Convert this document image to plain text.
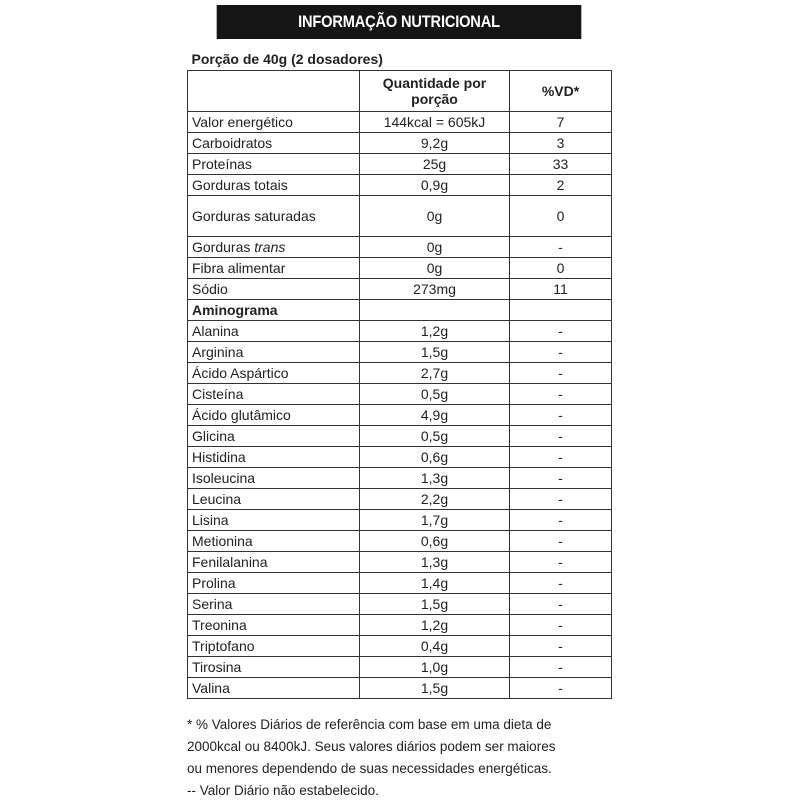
INFORMAÇÃO NUTRICIONAL
Porção de 40g (2 dosadores)		
	Quantidade por porção	%VD*
Valor energético	144kcal = 605kJ	7
Carboidratos	9,2g	3
Proteínas	25g	33
Gorduras totais	0,9g	2
Gorduras saturadas	0g	0
Gorduras trans	0g	-
Fibra alimentar	0g	0
Sódio	273mg	11
Aminograma		
Alanina	1,2g	-
Arginina	1,5g	-
Ácido Aspártico	2,7g	-
Cisteína	0,5g	-
Ácido glutâmico	4,9g	-
Glicina	0,5g	-
Histidina	0,6g	-
Isoleucina	1,3g	-
Leucina	2,2g	-
Lisina	1,7g	-
Metionina	0,6g	-
Fenilalanina	1,3g	-
Prolina	1,4g	-
Serina	1,5g	-
Treonina	1,2g	-
Triptofano	0,4g	-
Tirosina	1,0g	-
Valina	1,5g	-
* % Valores Diários de referência com base em uma dieta de
2000kcal ou 8400kJ. Seus valores diários podem ser maiores
ou menores dependendo de suas necessidades energéticas.
-- Valor Diário não estabelecido.
